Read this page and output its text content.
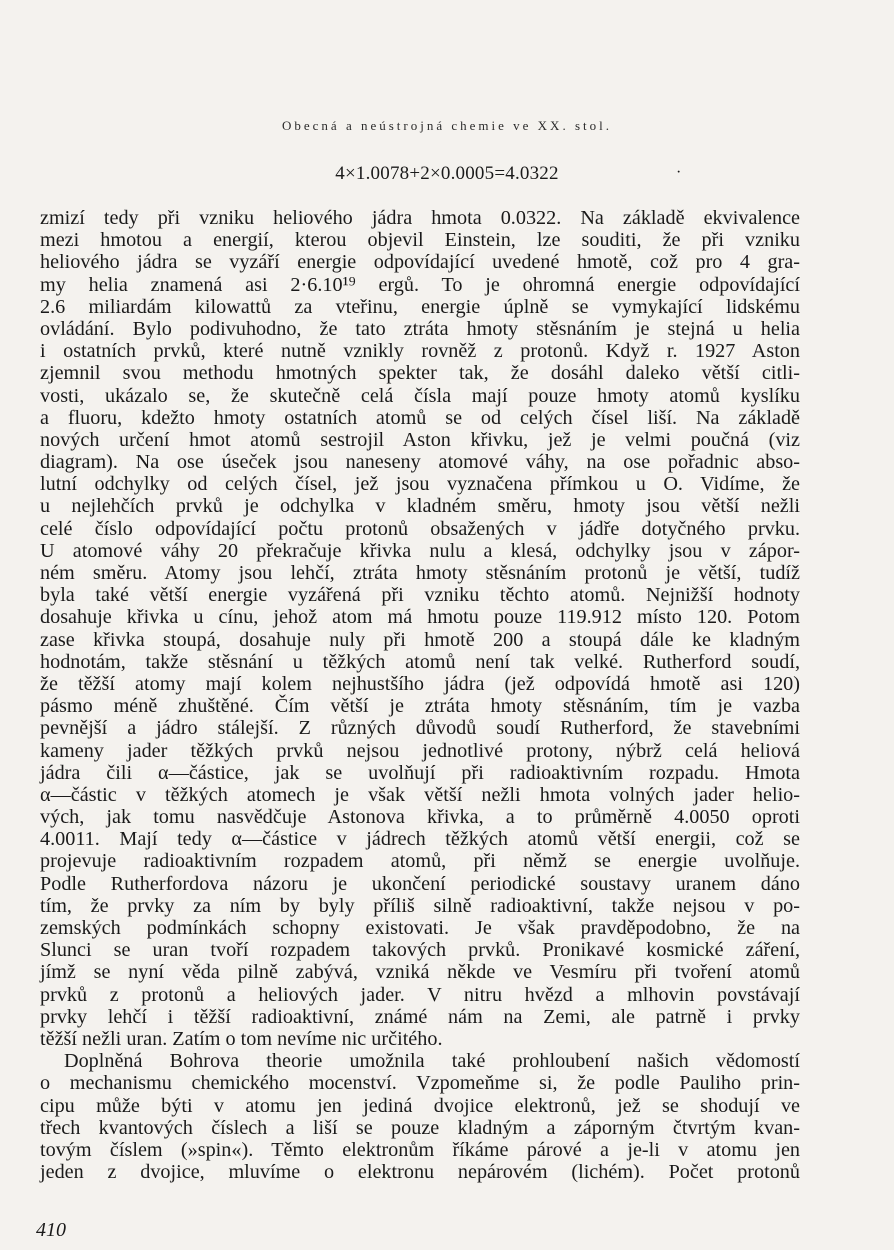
Obecná a neústrojná chemie ve XX. stol.
4×1.0078+2×0.0005=4.0322	·
zmizí tedy při vzniku heliového jádra hmota 0.0322. Na základě ekvivalence
mezi hmotou a energií, kterou objevil Einstein, lze souditi, že při vzniku
heliového jádra se vyzáří energie odpovídající uvedené hmotě, což pro 4 gra-
my helia znamená asi 2·6.10¹⁹ ergů. To je ohromná energie odpovídající
2.6 miliardám kilowattů za vteřinu, energie úplně se vymykající lidskému
ovládání. Bylo podivuhodno, že tato ztráta hmoty stěsnáním je stejná u helia
i ostatních prvků, které nutně vznikly rovněž z protonů. Když r. 1927 Aston
zjemnil svou methodu hmotných spekter tak, že dosáhl daleko větší citli-
vosti, ukázalo se, že skutečně celá čísla mají pouze hmoty atomů kyslíku
a fluoru, kdežto hmoty ostatních atomů se od celých čísel liší. Na základě
nových určení hmot atomů sestrojil Aston křivku, jež je velmi poučná (viz
diagram). Na ose úseček jsou naneseny atomové váhy, na ose pořadnic abso-
lutní odchylky od celých čísel, jež jsou vyznačena přímkou u O. Vidíme, že
u nejlehčích prvků je odchylka v kladném směru, hmoty jsou větší nežli
celé číslo odpovídající počtu protonů obsažených v jádře dotyčného prvku.
U atomové váhy 20 překračuje křivka nulu a klesá, odchylky jsou v zápor-
ném směru. Atomy jsou lehčí, ztráta hmoty stěsnáním protonů je větší, tudíž
byla také větší energie vyzářená při vzniku těchto atomů. Nejnižší hodnoty
dosahuje křivka u cínu, jehož atom má hmotu pouze 119.912 místo 120. Potom
zase křivka stoupá, dosahuje nuly při hmotě 200 a stoupá dále ke kladným
hodnotám, takže stěsnání u těžkých atomů není tak velké. Rutherford soudí,
že těžší atomy mají kolem nejhustšího jádra (jež odpovídá hmotě asi 120)
pásmo méně zhuštěné. Čím větší je ztráta hmoty stěsnáním, tím je vazba
pevnější a jádro stálejší. Z různých důvodů soudí Rutherford, že stavebními
kameny jader těžkých prvků nejsou jednotlivé protony, nýbrž celá heliová
jádra čili α—částice, jak se uvolňují při radioaktivním rozpadu. Hmota
α—částic v těžkých atomech je však větší nežli hmota volných jader helio-
vých, jak tomu nasvědčuje Astonova křivka, a to průměrně 4.0050 oproti
4.0011. Mají tedy α—částice v jádrech těžkých atomů větší energii, což se
projevuje radioaktivním rozpadem atomů, při němž se energie uvolňuje.
Podle Rutherfordova názoru je ukončení periodické soustavy uranem dáno
tím, že prvky za ním by byly příliš silně radioaktivní, takže nejsou v po-
zemských podmínkách schopny existovati. Je však pravděpodobno, že na
Slunci se uran tvoří rozpadem takových prvků. Pronikavé kosmické záření,
jímž se nyní věda pilně zabývá, vzniká někde ve Vesmíru při tvoření atomů
prvků z protonů a heliových jader. V nitru hvězd a mlhovin povstávají
prvky lehčí i těžší radioaktivní, známé nám na Zemi, ale patrně i prvky
těžší nežli uran. Zatím o tom nevíme nic určitého.
Doplněná Bohrova theorie umožnila také prohloubení našich vědomostí
o mechanismu chemického mocenství. Vzpomeňme si, že podle Pauliho prin-
cipu může býti v atomu jen jediná dvojice elektronů, jež se shodují ve
třech kvantových číslech a liší se pouze kladným a záporným čtvrtým kvan-
tovým číslem (»spin«). Těmto elektronům říkáme párové a je-li v atomu jen
jeden z dvojice, mluvíme o elektronu nepárovém (lichém). Počet protonů
410
